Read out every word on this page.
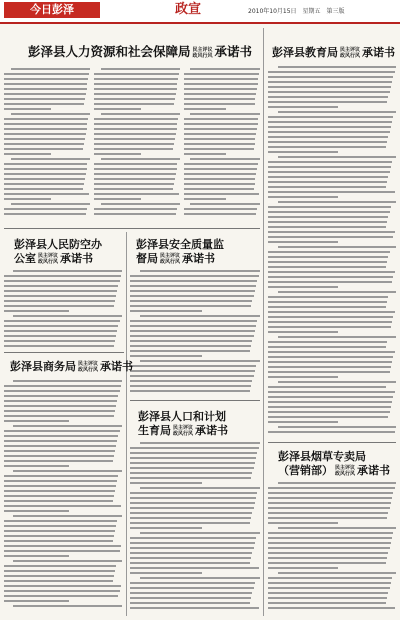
今日彭泽	政宣	2010年10月15日　星期五　第三版
彭泽县人力资源和社会保障局 民主评议
政风行风 承诺书
彭泽县人民防空办
公室 民主评议
政风行风 承诺书
彭泽县安全质量监
督局 民主评议
政风行风 承诺书
彭泽县商务局 民主评议
政风行风 承诺书
彭泽县人口和计划
生育局 民主评议
政风行风 承诺书
彭泽县教育局 民主评议
政风行风 承诺书
彭泽县烟草专卖局
（营销部） 民主评议
政风行风 承诺书
